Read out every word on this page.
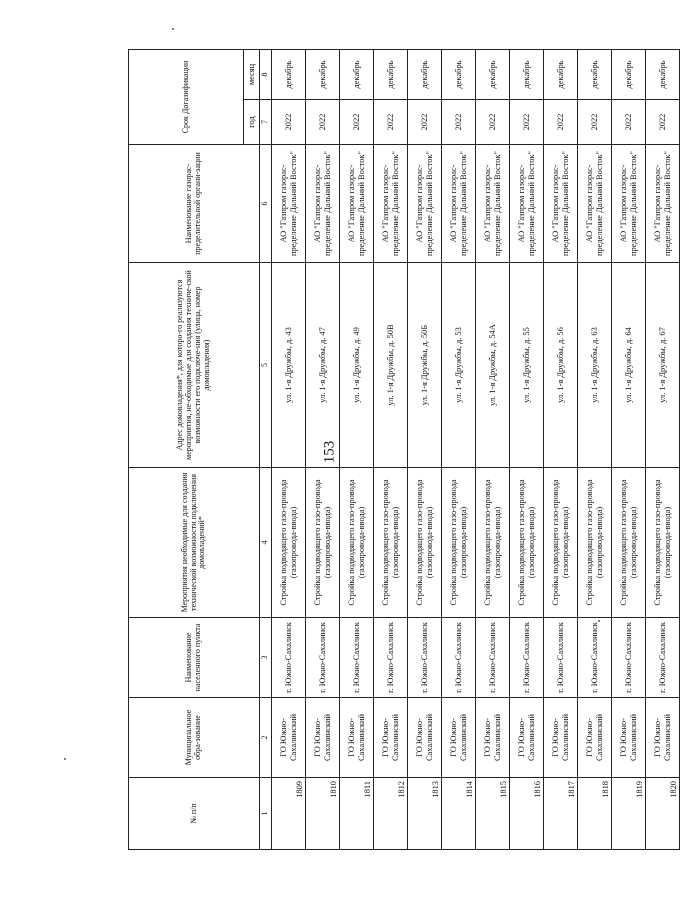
153
№ п/п	Муниципальное обра-зование	Наименование населенного пункта	Мероприятия необходимые для создания технической возможности подключения домовладений*	Адрес домовладения*, для которо-го реализуются мероприятия, не-обходимые для создания техниче-ской возможности его подключе-ния (улица, номер домовладения)	Наименование газорас-пределительной органи-зации	Срок Догазификации	
						год	месяц
1	2	3	4	5	6	7	8
1809	ГО Южно-Сахалинский	г. Южно-Сахалинск	Стройка подводящего газо-провода (газопровода-ввода)	ул. 1-я Дружбы, д. 43	АО "Газпром газорас-пределение Дальний Восток"	2022	декабрь
1810	ГО Южно-Сахалинский	г. Южно-Сахалинск	Стройка подводящего газо-провода (газопровода-ввода)	ул. 1-я Дружбы, д. 47	АО "Газпром газорас-пределение Дальний Восток"	2022	декабрь
1811	ГО Южно-Сахалинский	г. Южно-Сахалинск	Стройка подводящего газо-провода (газопровода-ввода)	ул. 1-я Дружбы, д. 49	АО "Газпром газорас-пределение Дальний Восток"	2022	декабрь
1812	ГО Южно-Сахалинский	г. Южно-Сахалинск	Стройка подводящего газо-провода (газопровода-ввода)	ул. 1-я Дружбы, д. 50В	АО "Газпром газорас-пределение Дальний Восток"	2022	декабрь
1813	ГО Южно-Сахалинский	г. Южно-Сахалинск	Стройка подводящего газо-провода (газопровода-ввода)	ул. 1-я Дружбы, д. 50Б	АО "Газпром газорас-пределение Дальний Восток"	2022	декабрь
1814	ГО Южно-Сахалинский	г. Южно-Сахалинск	Стройка подводящего газо-провода (газопровода-ввода)	ул. 1-я Дружбы, д. 53	АО "Газпром газорас-пределение Дальний Восток"	2022	декабрь
1815	ГО Южно-Сахалинский	г. Южно-Сахалинск	Стройка подводящего газо-провода (газопровода-ввода)	ул. 1-я Дружбы, д. 54А	АО "Газпром газорас-пределение Дальний Восток"	2022	декабрь
1816	ГО Южно-Сахалинский	г. Южно-Сахалинск	Стройка подводящего газо-провода (газопровода-ввода)	ул. 1-я Дружбы, д. 55	АО "Газпром газорас-пределение Дальний Восток"	2022	декабрь
1817	ГО Южно-Сахалинский	г. Южно-Сахалинск	Стройка подводящего газо-провода (газопровода-ввода)	ул. 1-я Дружбы, д. 56	АО "Газпром газорас-пределение Дальний Восток"	2022	декабрь
1818	ГО Южно-Сахалинский	г. Южно-Сахалинск	Стройка подводящего газо-провода (газопровода-ввода)	ул. 1-я Дружбы, д. 63	АО "Газпром газорас-пределение Дальний Восток"	2022	декабрь
1819	ГО Южно-Сахалинский	г. Южно-Сахалинск	Стройка подводящего газо-провода (газопровода-ввода)	ул. 1-я Дружбы, д. 64	АО "Газпром газорас-пределение Дальний Восток"	2022	декабрь
1820	ГО Южно-Сахалинский	г. Южно-Сахалинск	Стройка подводящего газо-провода (газопровода-ввода)	ул. 1-я Дружбы, д. 67	АО "Газпром газорас-пределение Дальний Восток"	2022	декабрь
